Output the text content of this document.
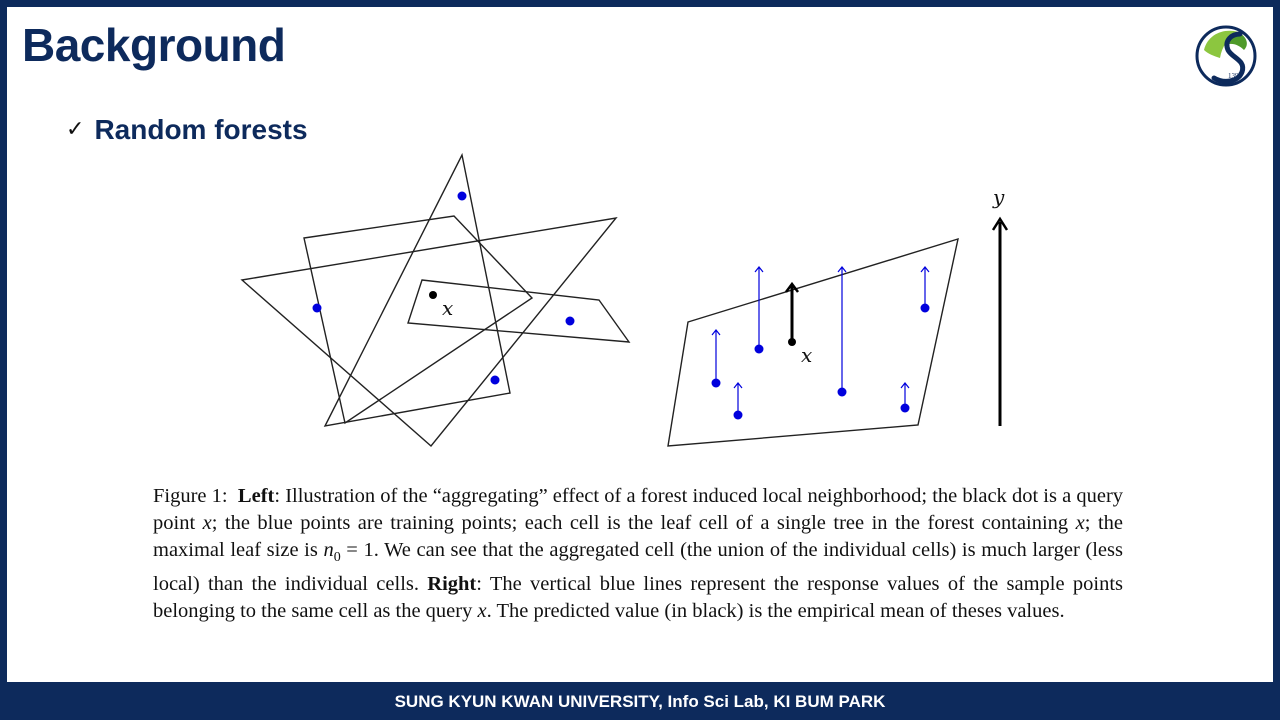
Background
1398
✓ Random forests
x
x
y
Figure 1: Left: Illustration of the “aggregating” effect of a forest induced local neighborhood; the black dot is a query point x; the blue points are training points; each cell is the leaf cell of a single tree in the forest containing x; the maximal leaf size is $n_0 = 1$. We can see that the aggregated cell (the union of the individual cells) is much larger (less local) than the individual cells. Right: The vertical blue lines represent the response values of the sample points belonging to the same cell as the query x. The predicted value (in black) is the empirical mean of theses values.
SUNG KYUN KWAN UNIVERSITY, Info Sci Lab, KI BUM PARK
